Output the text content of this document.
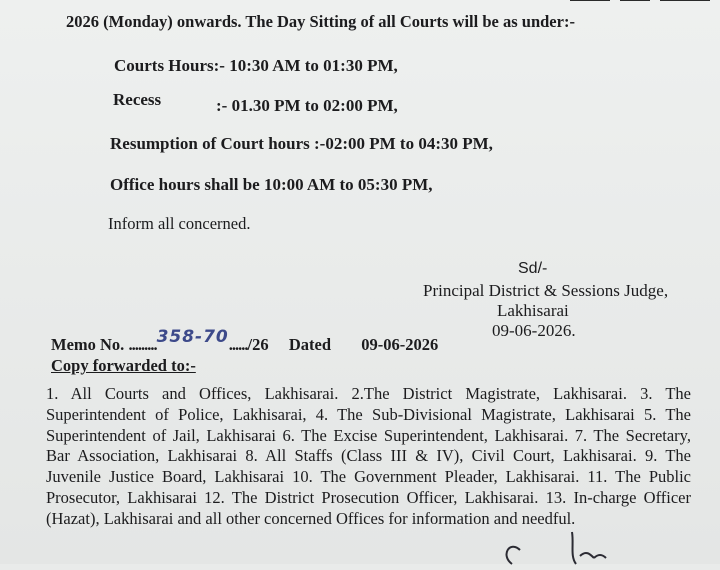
2026 (Monday) onwards. The Day Sitting of all Courts will be as under:-
Courts Hours:- 10:30 AM to 01:30 PM,
Recess	:- 01.30 PM to 02:00 PM,
Resumption of Court hours :-02:00 PM to 04:30 PM,
Office hours shall be 10:00 AM to 05:30 PM,
Inform all concerned.
Sd/-
Principal District & Sessions Judge,
Lakhisarai
09-06-2026.
Memo No. .........358-70....../26 Dated 09-06-2026
Copy forwarded to:-
1. All Courts and Offices, Lakhisarai. 2.The District Magistrate, Lakhisarai. 3. The Superintendent of Police, Lakhisarai, 4. The Sub-Divisional Magistrate, Lakhisarai 5. The Superintendent of Jail, Lakhisarai 6. The Excise Superintendent, Lakhisarai. 7. The Secretary, Bar Association, Lakhisarai 8. All Staffs (Class III & IV), Civil Court, Lakhisarai. 9. The Juvenile Justice Board, Lakhisarai 10. The Government Pleader, Lakhisarai. 11. The Public Prosecutor, Lakhisarai 12. The District Prosecution Officer, Lakhisarai. 13. In-charge Officer (Hazat), Lakhisarai and all other concerned Offices for information and needful.
